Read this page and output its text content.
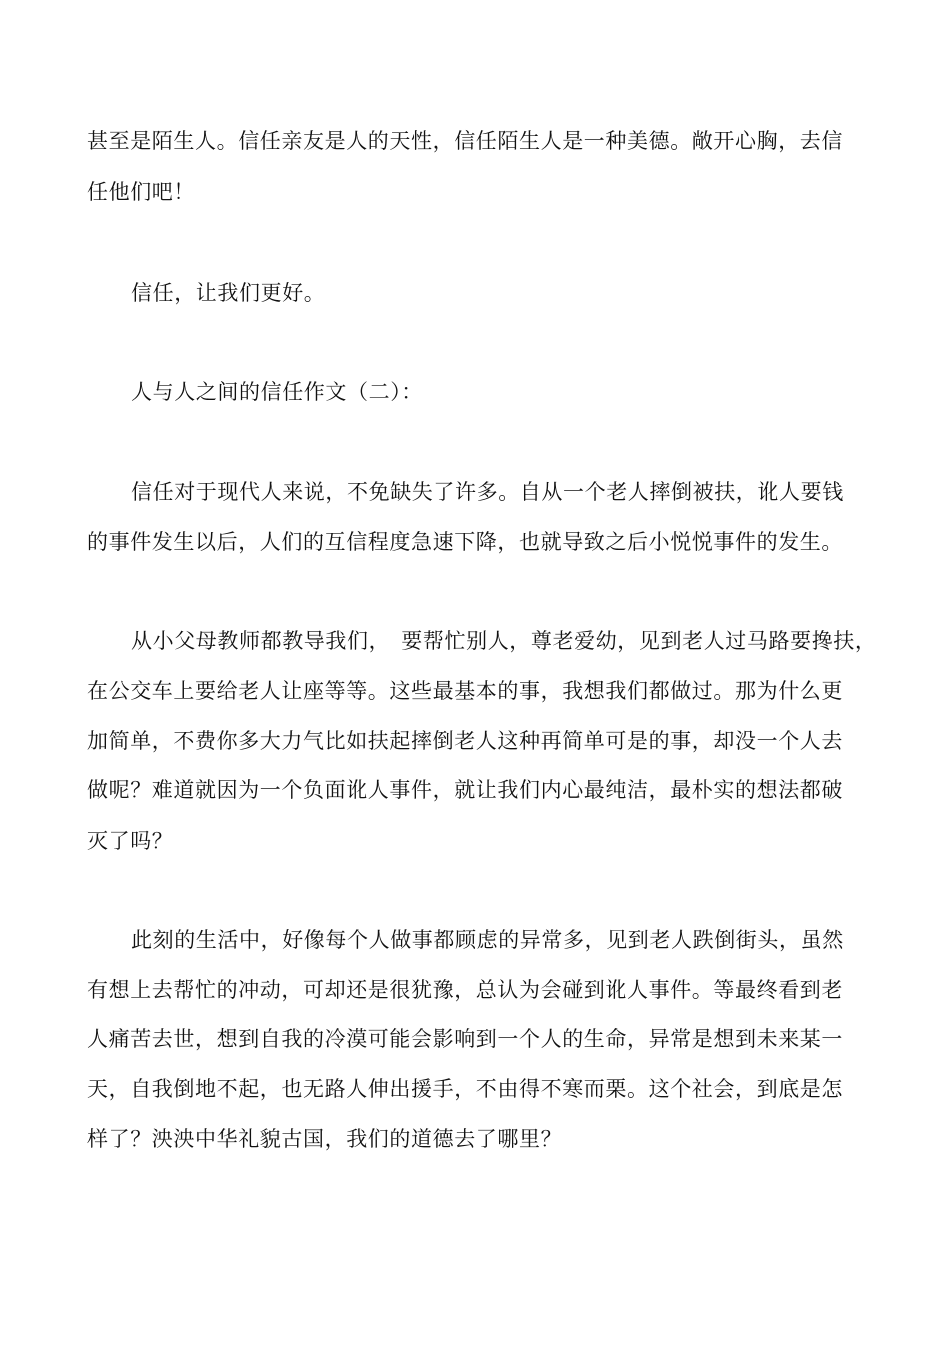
甚至是陌生人。信任亲友是人的天性，信任陌生人是一种美德。敞开心胸，去信
任他们吧！
信任，让我们更好。
人与人之间的信任作文（二）：
信任对于现代人来说，不免缺失了许多。自从一个老人摔倒被扶，讹人要钱
的事件发生以后，人们的互信程度急速下降，也就导致之后小悦悦事件的发生。
从小父母教师都教导我们，　要帮忙别人，尊老爱幼，见到老人过马路要搀扶，
在公交车上要给老人让座等等。这些最基本的事，我想我们都做过。那为什么更
加简单，不费你多大力气比如扶起摔倒老人这种再简单可是的事，却没一个人去
做呢？难道就因为一个负面讹人事件，就让我们内心最纯洁，最朴实的想法都破
灭了吗？
此刻的生活中，好像每个人做事都顾虑的异常多，见到老人跌倒街头，虽然
有想上去帮忙的冲动，可却还是很犹豫，总认为会碰到讹人事件。等最终看到老
人痛苦去世，想到自我的冷漠可能会影响到一个人的生命，异常是想到未来某一
天，自我倒地不起，也无路人伸出援手，不由得不寒而栗。这个社会，到底是怎
样了？泱泱中华礼貌古国，我们的道德去了哪里？
